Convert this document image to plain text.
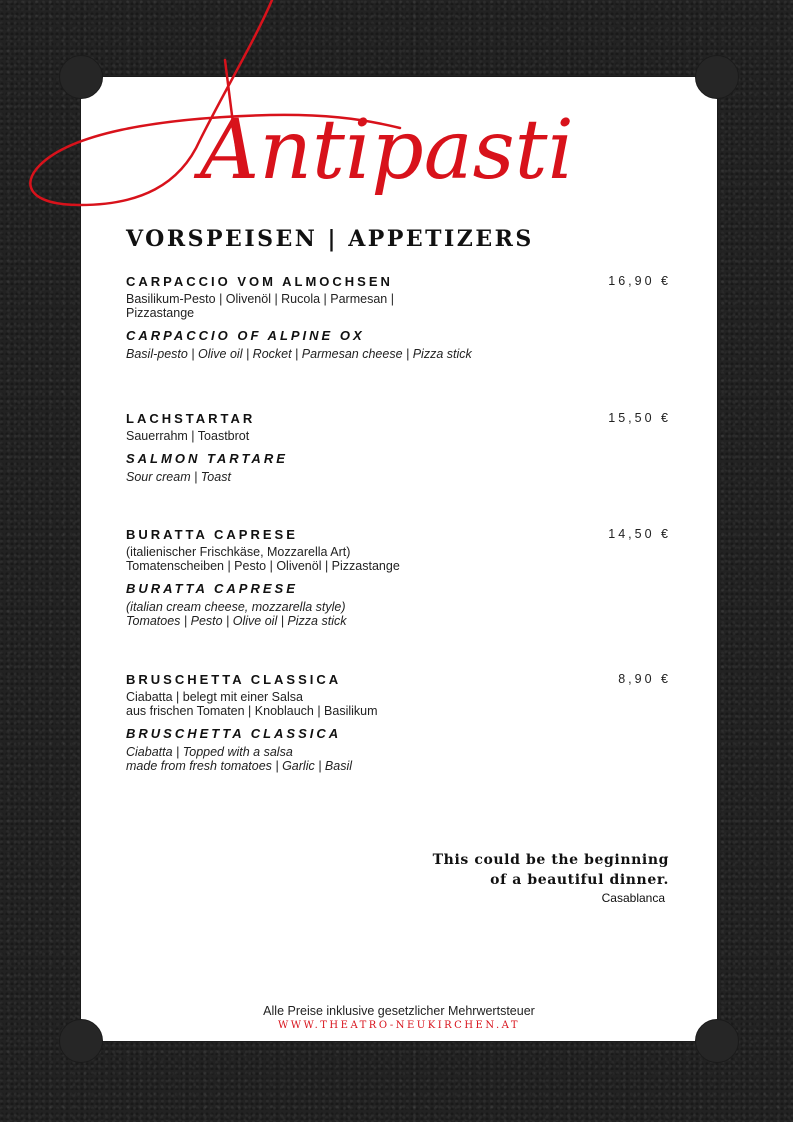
Antipasti
VORSPEISEN | APPETIZERS
CARPACCIO VOM ALMOCHSEN	16,90 €
Basilikum-Pesto | Olivenöl | Rucola | Parmesan | Pizzastange
CARPACCIO OF ALPINE OX
Basil-pesto | Olive oil | Rocket | Parmesan cheese | Pizza stick
LACHSTARTAR	15,50 €
Sauerrahm | Toastbrot
SALMON TARTARE
Sour cream | Toast
BURATTA CAPRESE	14,50 €
(italienischer Frischkäse, Mozzarella Art)
Tomatenscheiben | Pesto | Olivenöl | Pizzastange
BURATTA CAPRESE
(italian cream cheese, mozzarella style)
Tomatoes | Pesto | Olive oil | Pizza stick
BRUSCHETTA CLASSICA	8,90 €
Ciabatta | belegt mit einer Salsa
aus frischen Tomaten | Knoblauch | Basilikum
BRUSCHETTA CLASSICA
Ciabatta | Topped with a salsa
made from fresh tomatoes | Garlic | Basil
This could be the beginning
of a beautiful dinner.
Casablanca
Alle Preise inklusive gesetzlicher Mehrwertsteuer
WWW.THEATRO-NEUKIRCHEN.AT
